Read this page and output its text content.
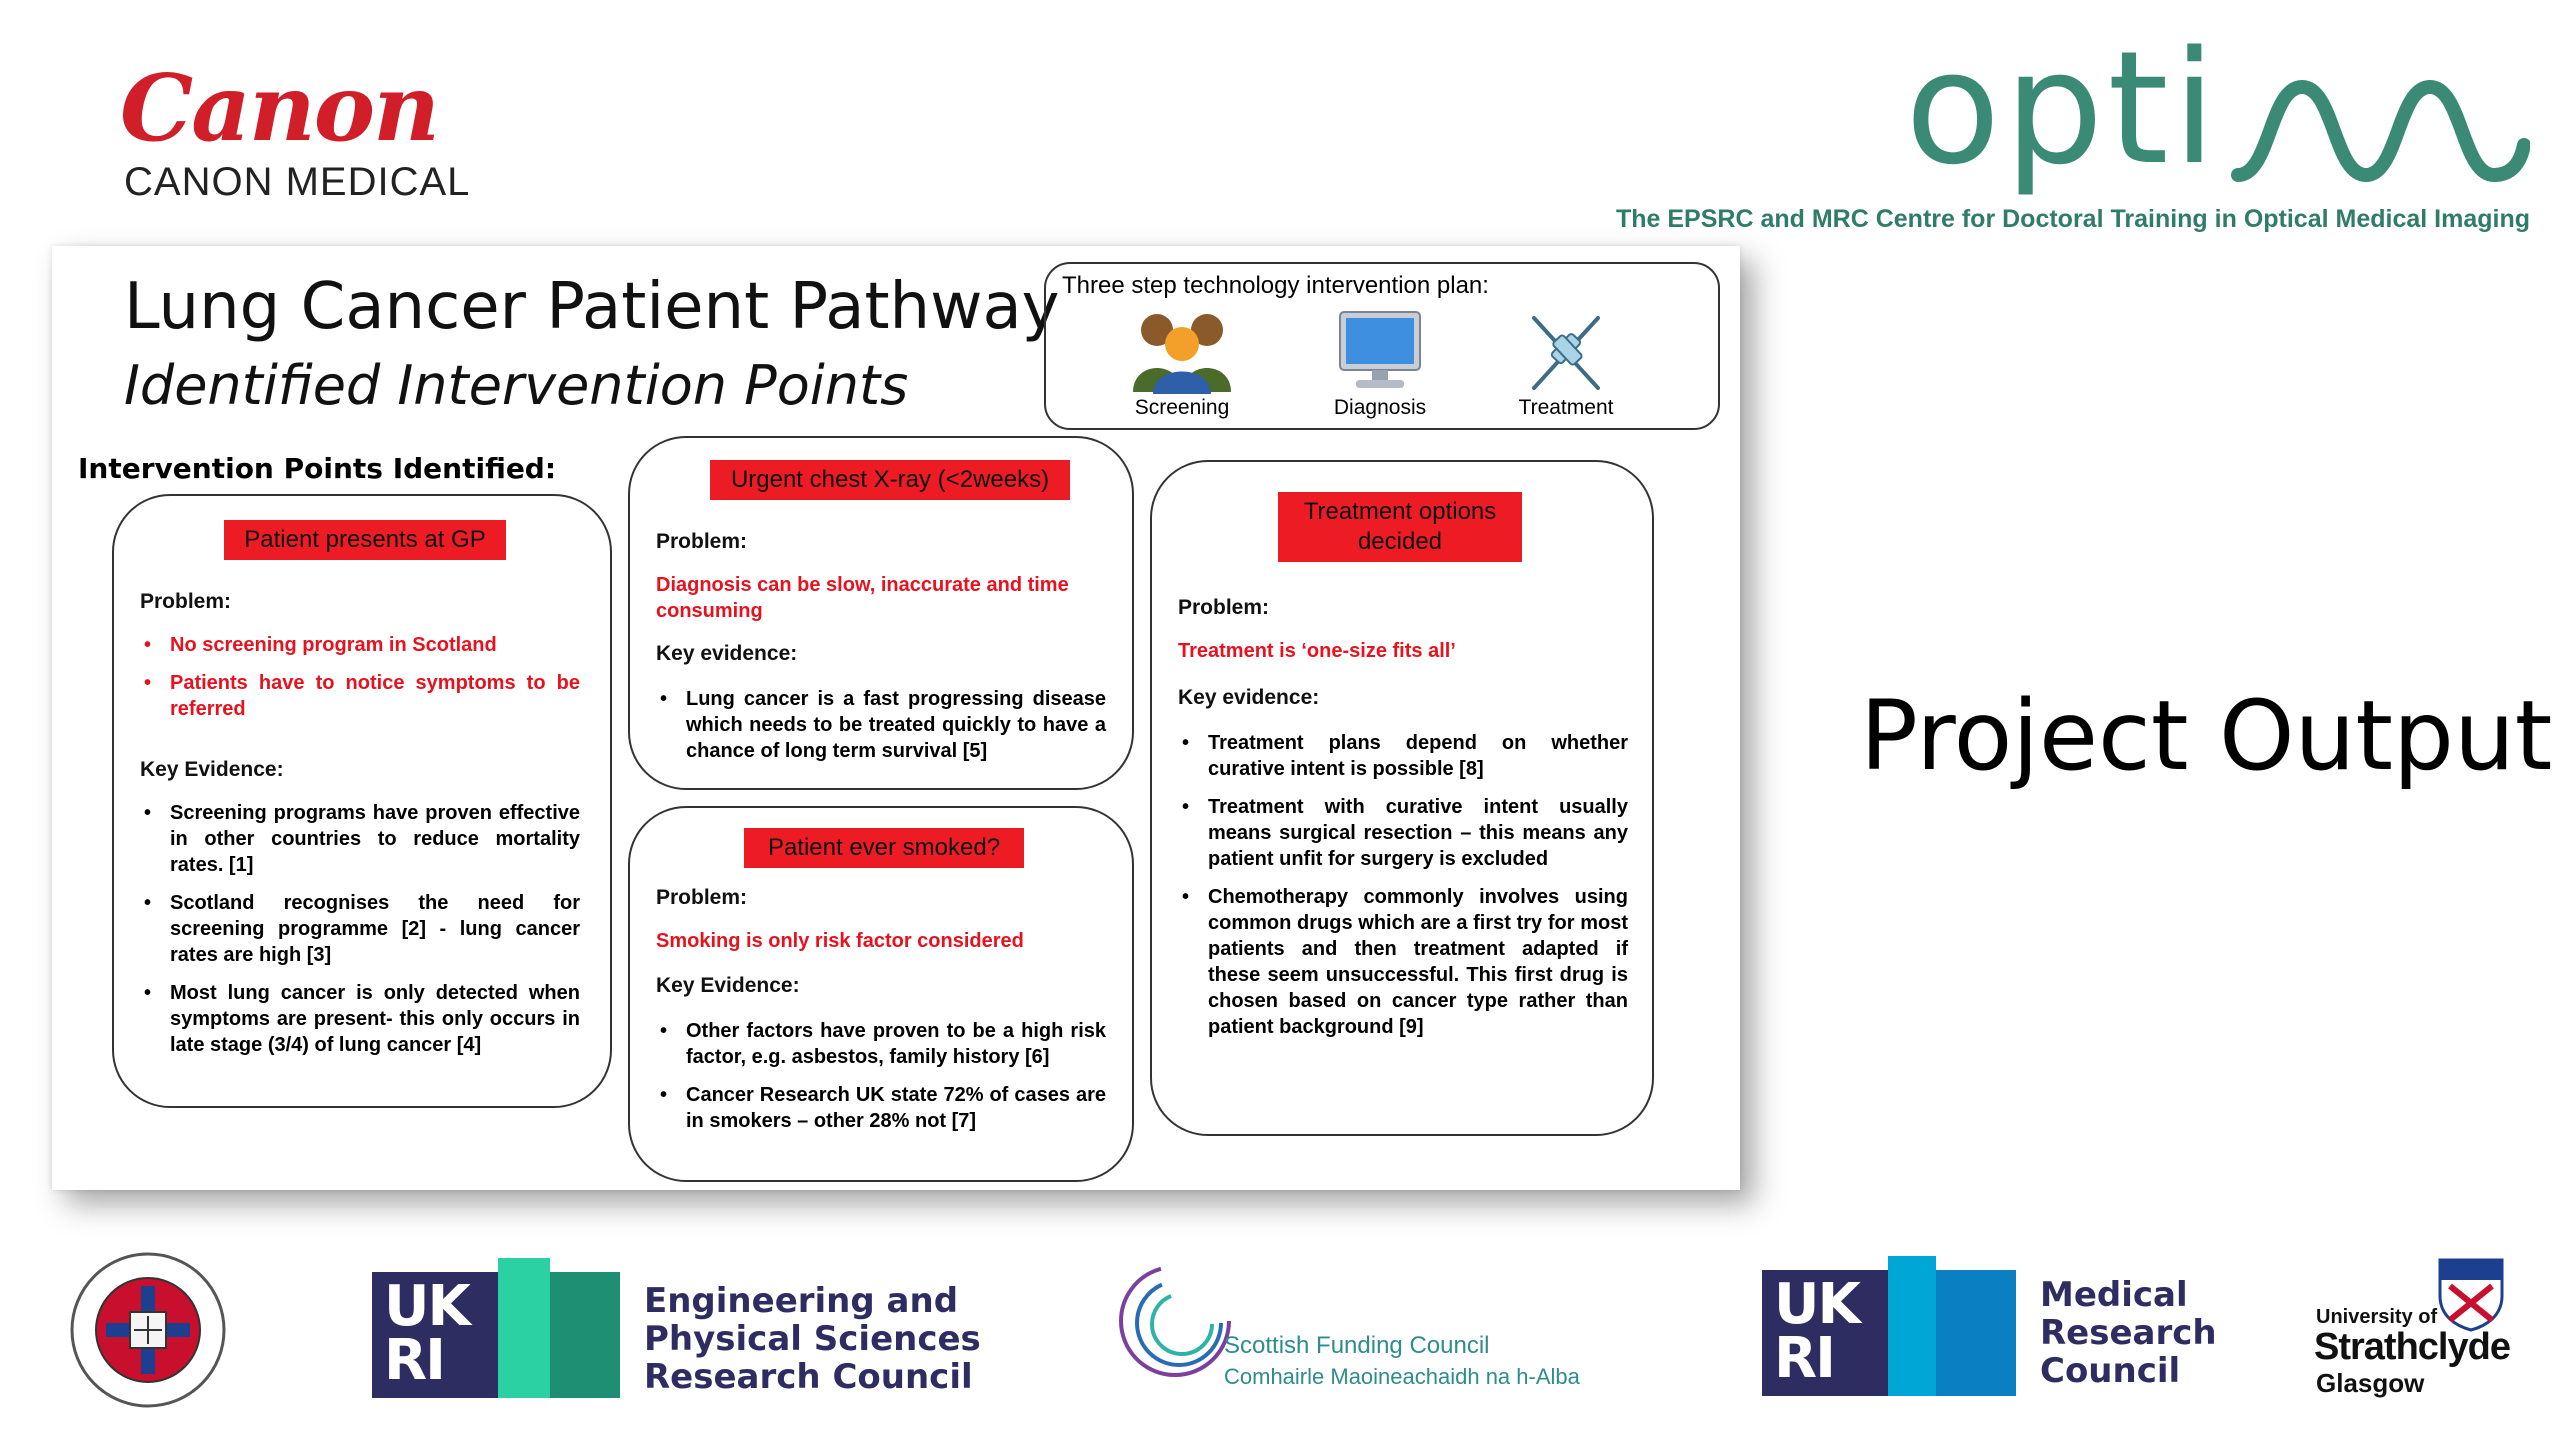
Canon
CANON MEDICAL	opti
The EPSRC and MRC Centre for Doctoral Training in Optical Medical Imaging
Lung Cancer Patient Pathway
Identified Intervention Points
Three step technology intervention plan:
Screening	Diagnosis	Treatment
Intervention Points Identified:
Patient presents at GP
Problem:
• No screening program in Scotland
• Patients have to notice symptoms to be referred
Key Evidence:
• Screening programs have proven effective in other countries to reduce mortality rates. [1]
• Scotland recognises the need for screening programme [2] - lung cancer rates are high [3]
• Most lung cancer is only detected when symptoms are present- this only occurs in late stage (3/4) of lung cancer [4]
Urgent chest X-ray (<2weeks)
Problem:
Diagnosis can be slow, inaccurate and time consuming
Key evidence:
• Lung cancer is a fast progressing disease which needs to be treated quickly to have a chance of long term survival [5]
Patient ever smoked?
Problem:
Smoking is only risk factor considered
Key Evidence:
• Other factors have proven to be a high risk factor, e.g. asbestos, family history [6]
• Cancer Research UK state 72% of cases are in smokers – other 28% not [7]
Treatment options decided
Problem:
Treatment is ‘one-size fits all’
Key evidence:
• Treatment plans depend on whether curative intent is possible [8]
• Treatment with curative intent usually means surgical resection – this means any patient unfit for surgery is excluded
• Chemotherapy commonly involves using common drugs which are a first try for most patients and then treatment adapted if these seem unsuccessful. This first drug is chosen based on cancer type rather than patient background [9]
Project Output
UK
RI
Engineering and
Physical Sciences
Research Council
Scottish Funding Council
Comhairle Maoineachaidh na h-Alba
UK
RI
Medical
Research
Council
University of
Strathclyde
Glasgow
